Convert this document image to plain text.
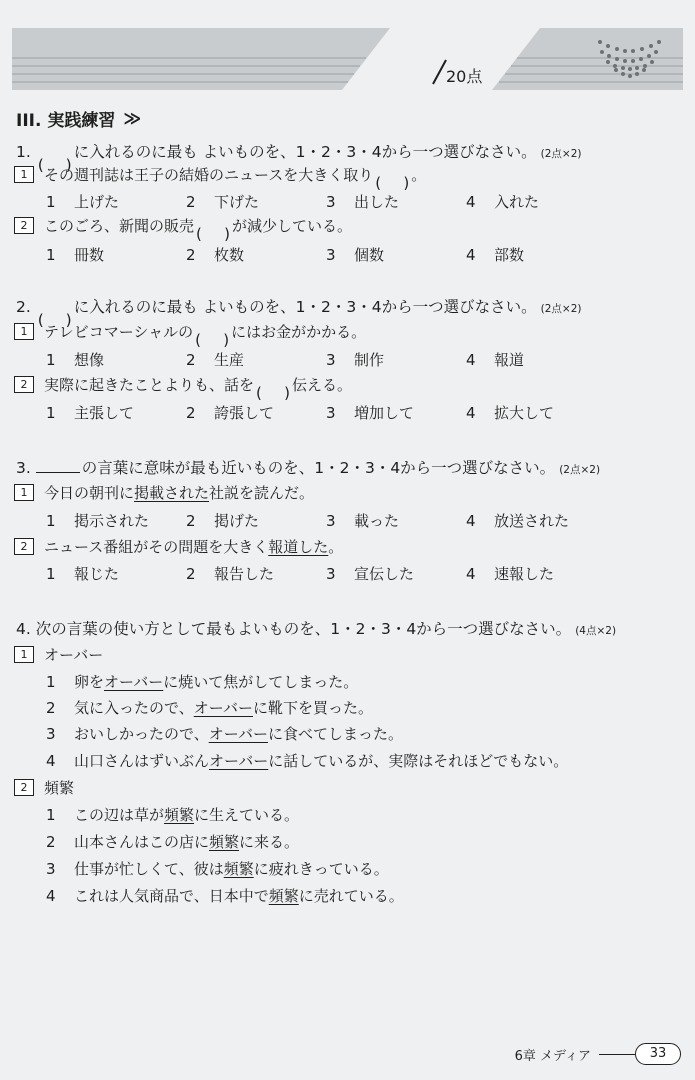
20点
III. 実践練習 ≫
1.	に入れるのに最も よいものを、1・2・3・4から一つ選びなさい。 (2点×2)
1	その週刊誌は王子の結婚のニュースを大きく取り	。
1 上げた	2 下げた	3 出した	4 入れた
2	このごろ、新聞の販売	が減少している。
1 冊数	2 枚数	3 個数	4 部数
2.	に入れるのに最も よいものを、1・2・3・4から一つ選びなさい。 (2点×2)
1	テレビコマーシャルの	にはお金がかかる。
1 想像	2 生産	3 制作	4 報道
2	実際に起きたことよりも、話を	伝える。
1 主張して	2 誇張して	3 増加して	4 拡大して
3.	の言葉に意味が最も近いものを、1・2・3・4から一つ選びなさい。 (2点×2)
1	今日の朝刊に 掲載された 社説を読んだ。
1 掲示された 2 掲げた	3 載った	4 放送された
2	ニュース番組がその問題を大きく 報道した 。
1 報じた	2 報告した	3 宣伝した	4 速報した
4. 次の言葉の使い方として最もよいものを、1・2・3・4から一つ選びなさい。 (4点×2)
1	オーバー
1 卵をオーバーに焼いて焦がしてしまった。
2 気に入ったので、オーバーに靴下を買った。
3 おいしかったので、オーバーに食べてしまった。
4 山口さんはずいぶんオーバーに話しているが、実際はそれほどでもない。
2	頻繁
1 この辺は草が頻繁に生えている。
2 山本さんはこの店に頻繁に来る。
3 仕事が忙しくて、彼は頻繁に疲れきっている。
4 これは人気商品で、日本中で頻繁に売れている。
6章 メディア	33
